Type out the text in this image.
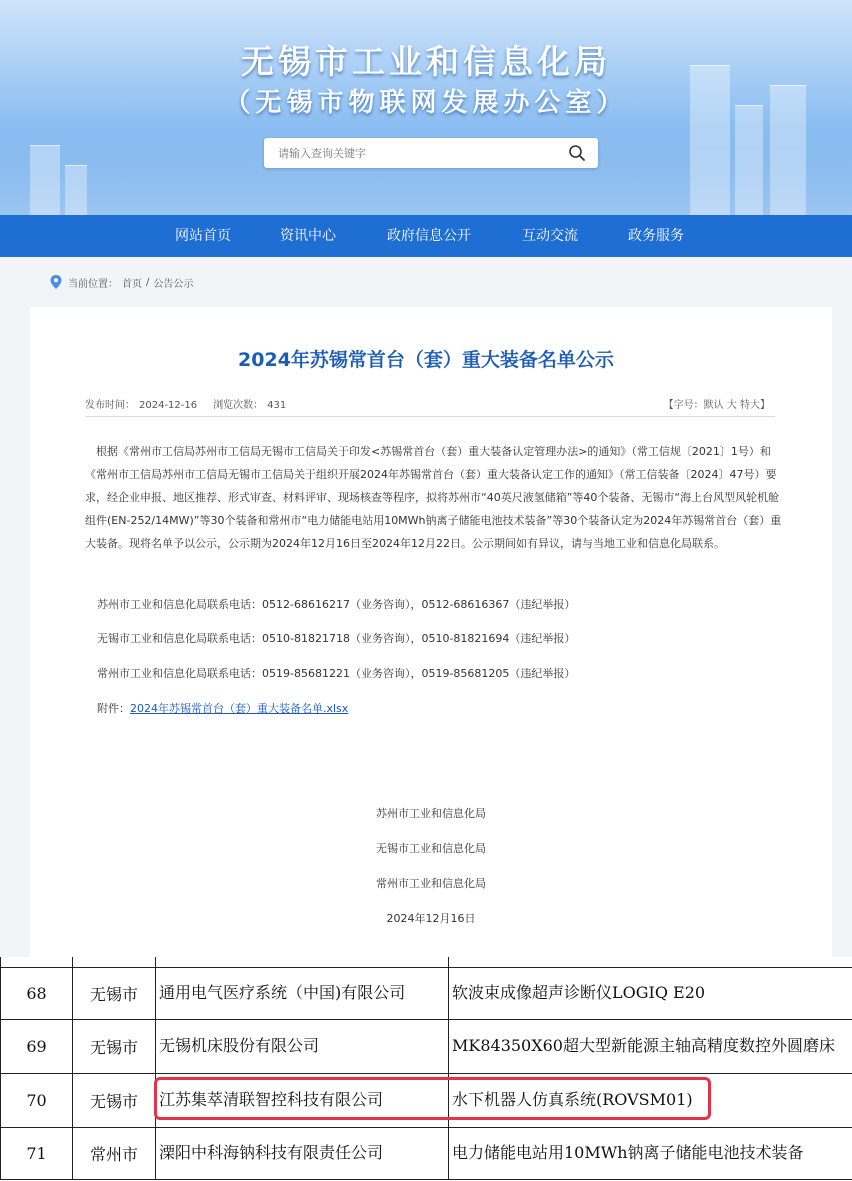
无锡市工业和信息化局
（无锡市物联网发展办公室）
请输入查询关键字
网站首页	资讯中心	政府信息公开	互动交流	政务服务
当前位置： 首页 / 公告公示
2024年苏锡常首台（套）重大装备名单公示
发布时间： 2024-12-16 浏览次数： 431	【字号：默认 大 特大】

根据《常州市工信局苏州市工信局无锡市工信局关于印发<苏锡常首台（套）重大装备认定管理办法>的通知》（常工信规〔2021〕1号）和《常州市工信局苏州市工信局无锡市工信局关于组织开展2024年苏锡常首台（套）重大装备认定工作的通知》（常工信装备〔2024〕47号）要求，经企业申报、地区推荐、形式审查、材料评审、现场核查等程序，拟将苏州市“40英尺液氢储箱”等40个装备、无锡市“海上台风型风轮机舱组件(EN-252/14MW)”等30个装备和常州市“电力储能电站用10MWh钠离子储能电池技术装备”等30个装备认定为2024年苏锡常首台（套）重大装备。现将名单予以公示，公示期为2024年12月16日至2024年12月22日。公示期间如有异议，请与当地工业和信息化局联系。

苏州市工业和信息化局联系电话：0512-68616217（业务咨询），0512-68616367（违纪举报）
无锡市工业和信息化局联系电话：0510-81821718（业务咨询），0510-81821694（违纪举报）
常州市工业和信息化局联系电话：0519-85681221（业务咨询），0519-85681205（违纪举报）
附件：2024年苏锡常首台（套）重大装备名单.xlsx
苏州市工业和信息化局
无锡市工业和信息化局
常州市工业和信息化局
2024年12月16日

68	无锡市	通用电气医疗系统（中国)有限公司	软波束成像超声诊断仪LOGIQ E20
69	无锡市	无锡机床股份有限公司	MK84350X60超大型新能源主轴高精度数控外圆磨床
70	无锡市	江苏集萃清联智控科技有限公司	水下机器人仿真系统(ROVSM01)
71	常州市	溧阳中科海钠科技有限责任公司	电力储能电站用10MWh钠离子储能电池技术装备
